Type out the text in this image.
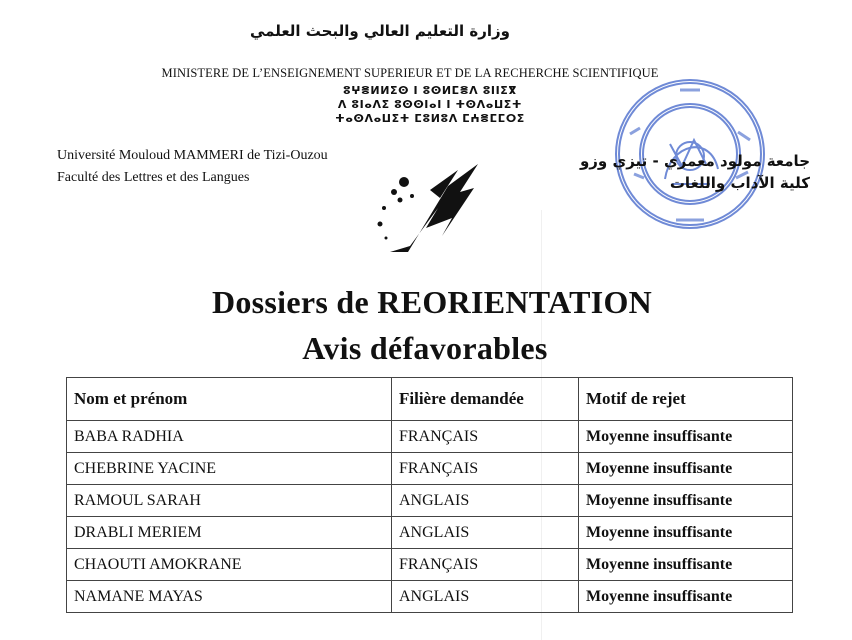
وزارة التعليم العالي والبحث العلمي
MINISTERE DE L’ENSEIGNEMENT SUPERIEUR ET DE LA RECHERCHE SCIENTIFIQUE
ⵓⵖⴻⵍⵍⵉⵙ ⵏ ⵓⵙⵍⵎⴻⴷ ⵓⵏⵏⵉⴳ
ⴷ ⵓⵏⴰⴷⵉ ⵓⵙⵙⵏⴰⵏ ⵏ ⵜⵙⴷⴰⵡⵉⵜ
ⵜⴰⵙⴷⴰⵡⵉⵜ ⵎⵓⵍⵓⴷ ⵎⵄⴻⵎⵎⵔⵉ
Université Mouloud MAMMERI de Tizi-Ouzou
Faculté des Lettres et des Langues
جامعة مولود معمري - تيزي وزو
كلية الآداب واللغات
Dossiers de REORIENTATION
Avis défavorables
Nom et prénom	Filière demandée	Motif de rejet
BABA RADHIA	FRANÇAIS	Moyenne insuffisante
CHEBRINE YACINE	FRANÇAIS	Moyenne insuffisante
RAMOUL SARAH	ANGLAIS	Moyenne insuffisante
DRABLI MERIEM	ANGLAIS	Moyenne insuffisante
CHAOUTI AMOKRANE	FRANÇAIS	Moyenne insuffisante
NAMANE MAYAS	ANGLAIS	Moyenne insuffisante
